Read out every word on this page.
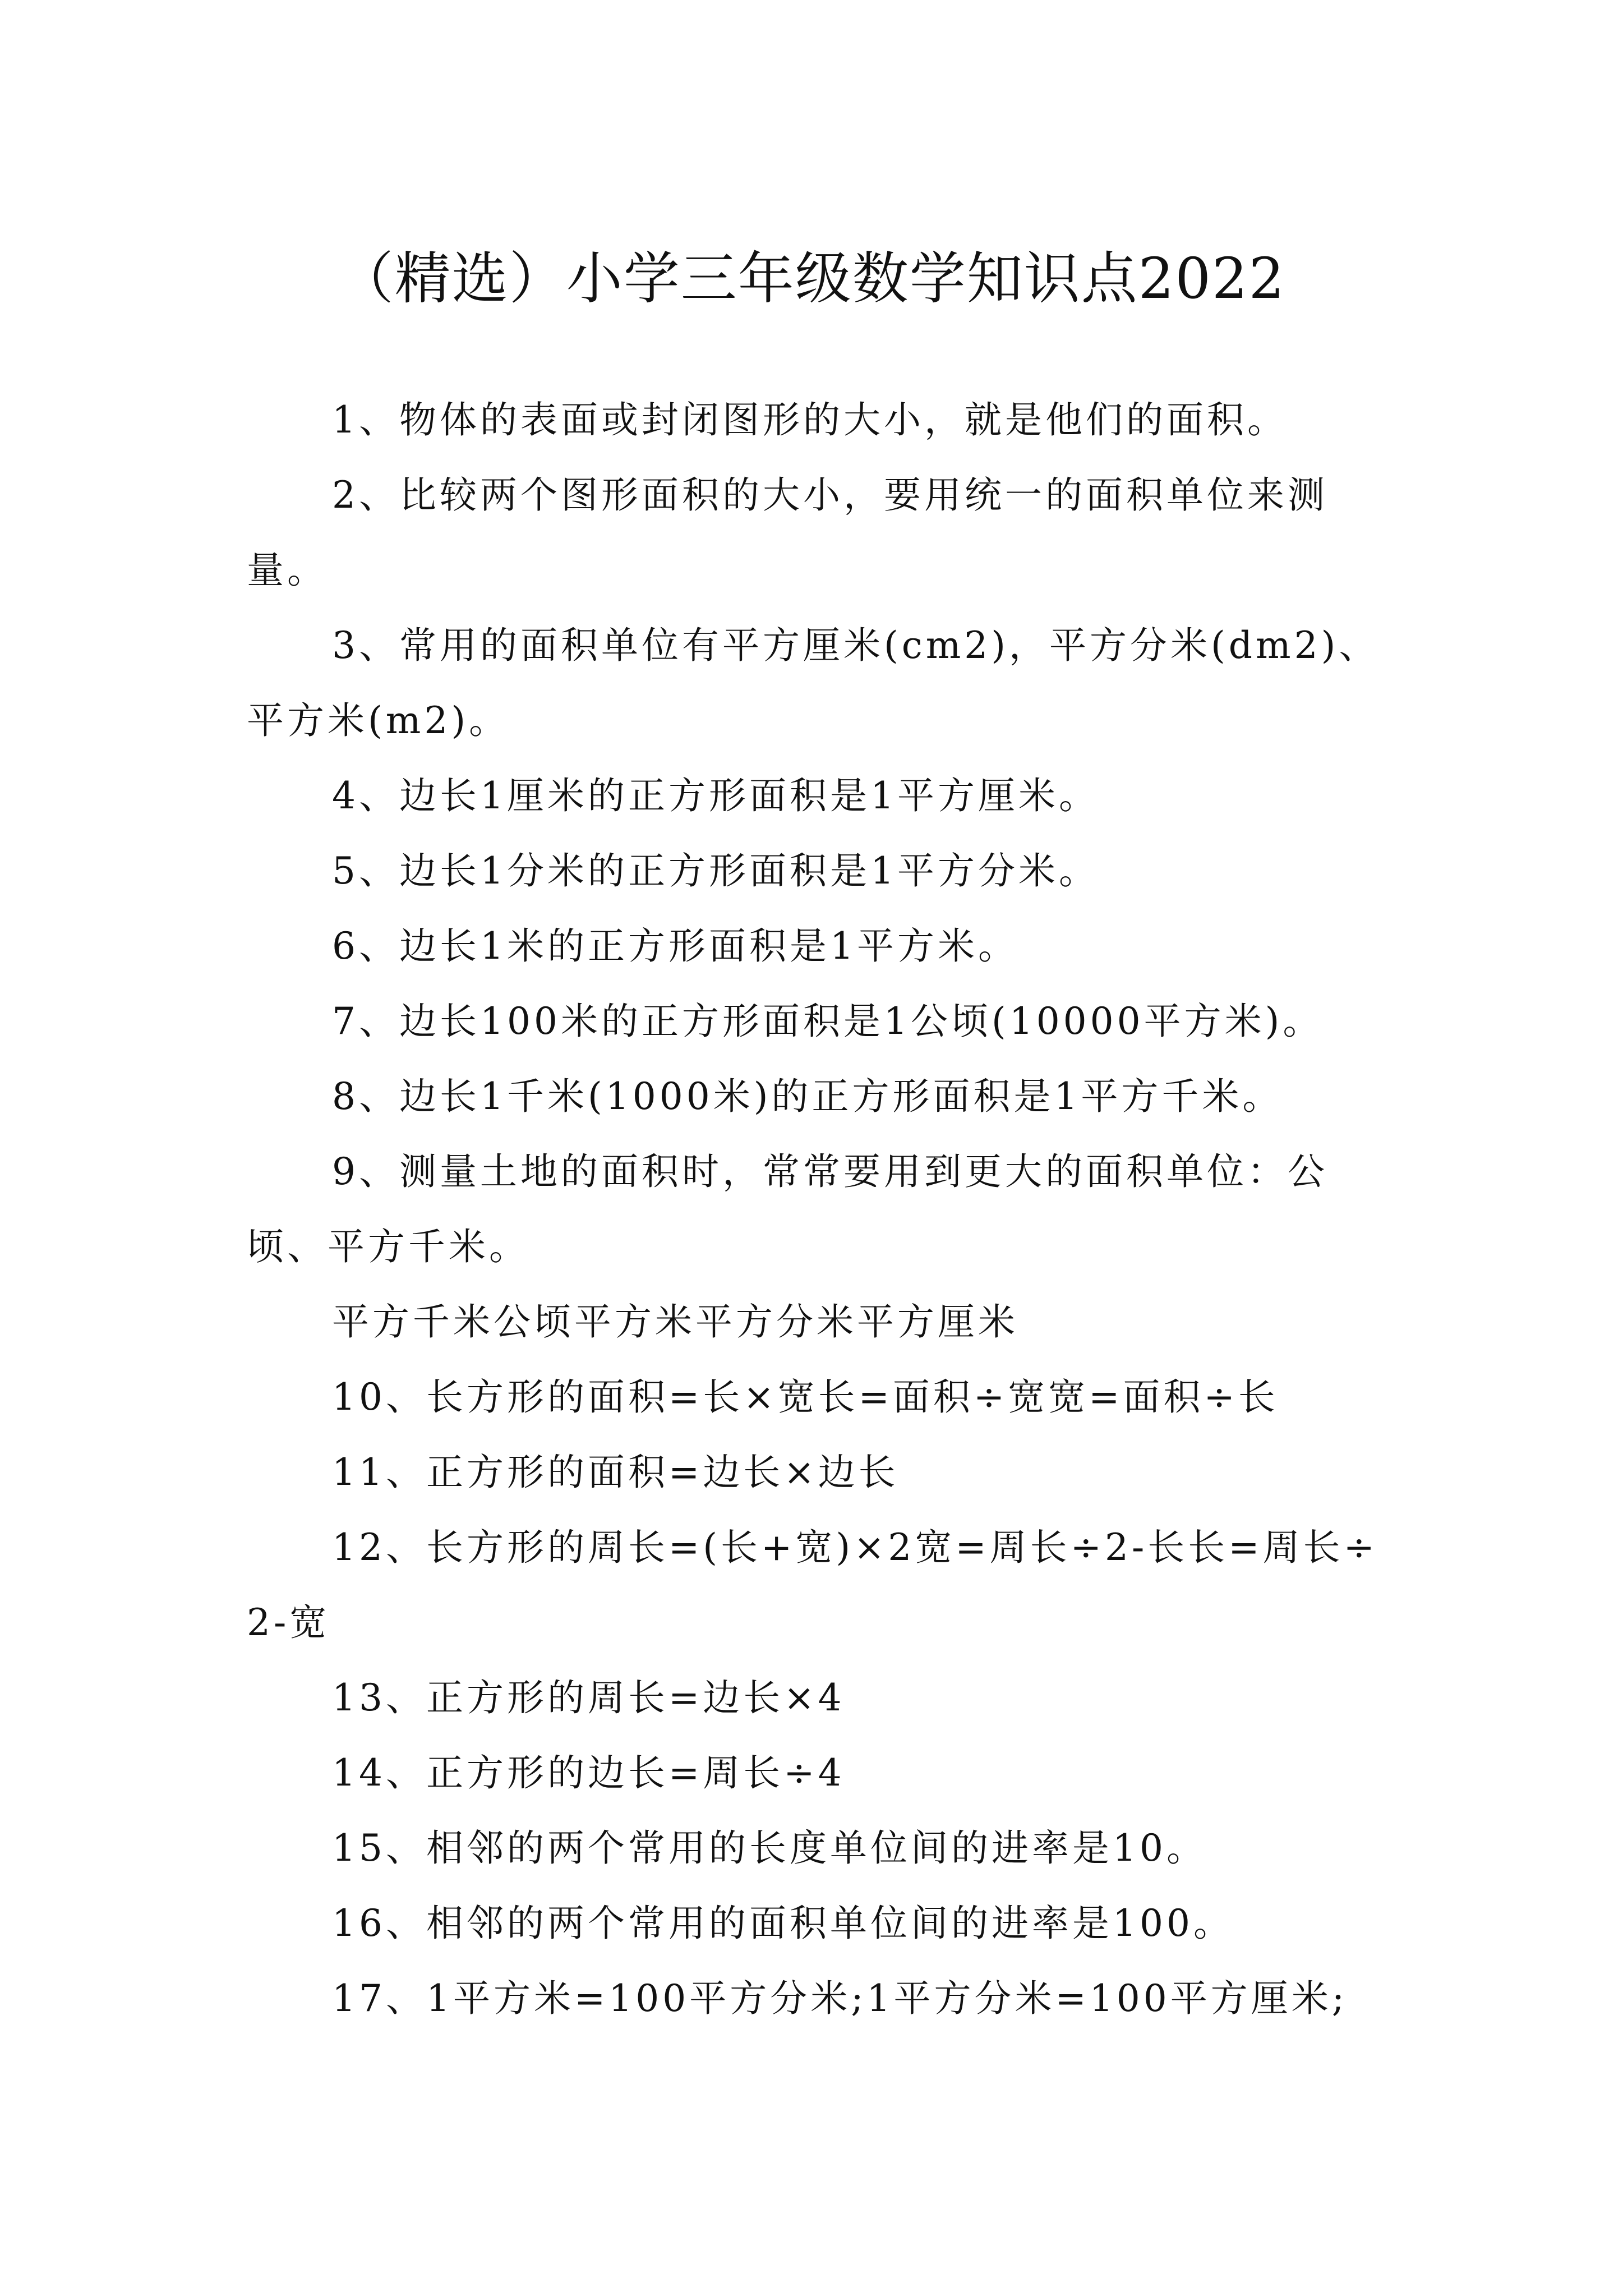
（精选）小学三年级数学知识点2022

1、物体的表面或封闭图形的大小，就是他们的面积。

2、比较两个图形面积的大小，要用统一的面积单位来测量。

3、常用的面积单位有平方厘米(cm2)，平方分米(dm2)、平方米(m2)。

4、边长1厘米的正方形面积是1平方厘米。

5、边长1分米的正方形面积是1平方分米。

6、边长1米的正方形面积是1平方米。

7、边长100米的正方形面积是1公顷(10000平方米)。

8、边长1千米(1000米)的正方形面积是1平方千米。

9、测量土地的面积时，常常要用到更大的面积单位：公顷、平方千米。

平方千米公顷平方米平方分米平方厘米

10、长方形的面积=长×宽长=面积÷宽宽=面积÷长

11、正方形的面积=边长×边长

12、长方形的周长=(长+宽)×2宽=周长÷2-长长=周长÷2-宽

13、正方形的周长=边长×4

14、正方形的边长=周长÷4

15、相邻的两个常用的长度单位间的进率是10。

16、相邻的两个常用的面积单位间的进率是100。

17、1平方米=100平方分米;1平方分米=100平方厘米;
